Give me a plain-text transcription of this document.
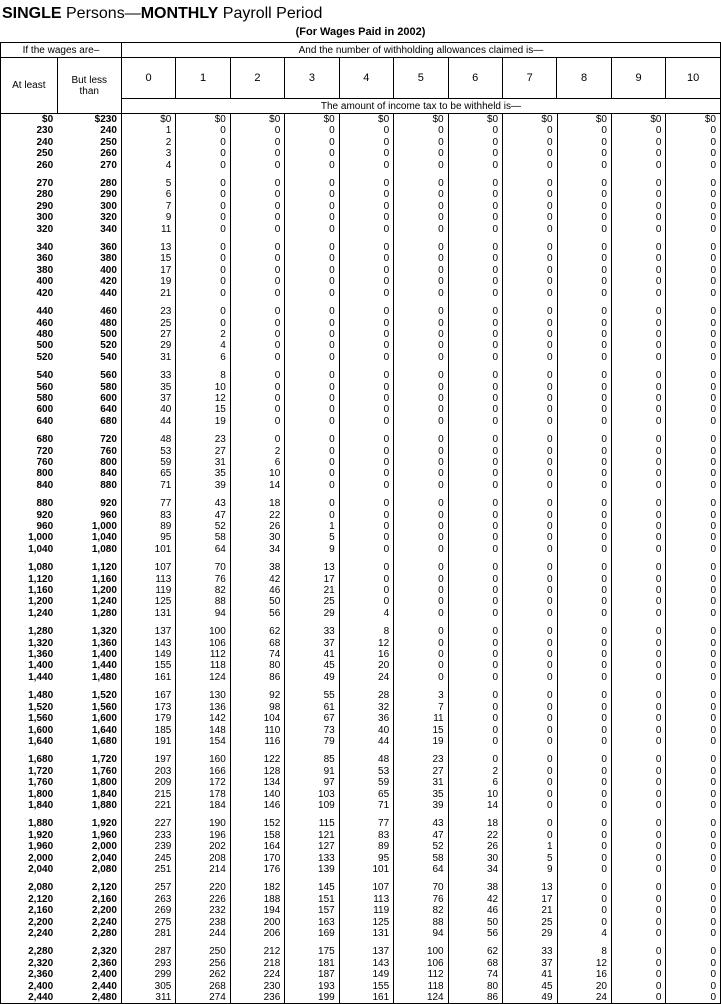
SINGLE Persons—MONTHLY Payroll Period
(For Wages Paid in 2002)
If the wages are–		And the number of withholding allowances claimed is—										
At least	But less
than	0	1	2	3	4	5	6	7	8	9	10
		The amount of income tax to be withheld is—										
$0	$230	$0	$0	$0	$0	$0	$0	$0	$0	$0	$0	$0
230	240	1	0	0	0	0	0	0	0	0	0	0
240	250	2	0	0	0	0	0	0	0	0	0	0
250	260	3	0	0	0	0	0	0	0	0	0	0
260	270	4	0	0	0	0	0	0	0	0	0	0

270	280	5	0	0	0	0	0	0	0	0	0	0
280	290	6	0	0	0	0	0	0	0	0	0	0
290	300	7	0	0	0	0	0	0	0	0	0	0
300	320	9	0	0	0	0	0	0	0	0	0	0
320	340	11	0	0	0	0	0	0	0	0	0	0

340	360	13	0	0	0	0	0	0	0	0	0	0
360	380	15	0	0	0	0	0	0	0	0	0	0
380	400	17	0	0	0	0	0	0	0	0	0	0
400	420	19	0	0	0	0	0	0	0	0	0	0
420	440	21	0	0	0	0	0	0	0	0	0	0

440	460	23	0	0	0	0	0	0	0	0	0	0
460	480	25	0	0	0	0	0	0	0	0	0	0
480	500	27	2	0	0	0	0	0	0	0	0	0
500	520	29	4	0	0	0	0	0	0	0	0	0
520	540	31	6	0	0	0	0	0	0	0	0	0

540	560	33	8	0	0	0	0	0	0	0	0	0
560	580	35	10	0	0	0	0	0	0	0	0	0
580	600	37	12	0	0	0	0	0	0	0	0	0
600	640	40	15	0	0	0	0	0	0	0	0	0
640	680	44	19	0	0	0	0	0	0	0	0	0

680	720	48	23	0	0	0	0	0	0	0	0	0
720	760	53	27	2	0	0	0	0	0	0	0	0
760	800	59	31	6	0	0	0	0	0	0	0	0
800	840	65	35	10	0	0	0	0	0	0	0	0
840	880	71	39	14	0	0	0	0	0	0	0	0

880	920	77	43	18	0	0	0	0	0	0	0	0
920	960	83	47	22	0	0	0	0	0	0	0	0
960	1,000	89	52	26	1	0	0	0	0	0	0	0
1,000	1,040	95	58	30	5	0	0	0	0	0	0	0
1,040	1,080	101	64	34	9	0	0	0	0	0	0	0

1,080	1,120	107	70	38	13	0	0	0	0	0	0	0
1,120	1,160	113	76	42	17	0	0	0	0	0	0	0
1,160	1,200	119	82	46	21	0	0	0	0	0	0	0
1,200	1,240	125	88	50	25	0	0	0	0	0	0	0
1,240	1,280	131	94	56	29	4	0	0	0	0	0	0

1,280	1,320	137	100	62	33	8	0	0	0	0	0	0
1,320	1,360	143	106	68	37	12	0	0	0	0	0	0
1,360	1,400	149	112	74	41	16	0	0	0	0	0	0
1,400	1,440	155	118	80	45	20	0	0	0	0	0	0
1,440	1,480	161	124	86	49	24	0	0	0	0	0	0

1,480	1,520	167	130	92	55	28	3	0	0	0	0	0
1,520	1,560	173	136	98	61	32	7	0	0	0	0	0
1,560	1,600	179	142	104	67	36	11	0	0	0	0	0
1,600	1,640	185	148	110	73	40	15	0	0	0	0	0
1,640	1,680	191	154	116	79	44	19	0	0	0	0	0

1,680	1,720	197	160	122	85	48	23	0	0	0	0	0
1,720	1,760	203	166	128	91	53	27	2	0	0	0	0
1,760	1,800	209	172	134	97	59	31	6	0	0	0	0
1,800	1,840	215	178	140	103	65	35	10	0	0	0	0
1,840	1,880	221	184	146	109	71	39	14	0	0	0	0

1,880	1,920	227	190	152	115	77	43	18	0	0	0	0
1,920	1,960	233	196	158	121	83	47	22	0	0	0	0
1,960	2,000	239	202	164	127	89	52	26	1	0	0	0
2,000	2,040	245	208	170	133	95	58	30	5	0	0	0
2,040	2,080	251	214	176	139	101	64	34	9	0	0	0

2,080	2,120	257	220	182	145	107	70	38	13	0	0	0
2,120	2,160	263	226	188	151	113	76	42	17	0	0	0
2,160	2,200	269	232	194	157	119	82	46	21	0	0	0
2,200	2,240	275	238	200	163	125	88	50	25	0	0	0
2,240	2,280	281	244	206	169	131	94	56	29	4	0	0

2,280	2,320	287	250	212	175	137	100	62	33	8	0	0
2,320	2,360	293	256	218	181	143	106	68	37	12	0	0
2,360	2,400	299	262	224	187	149	112	74	41	16	0	0
2,400	2,440	305	268	230	193	155	118	80	45	20	0	0
2,440	2,480	311	274	236	199	161	124	86	49	24	0	0
